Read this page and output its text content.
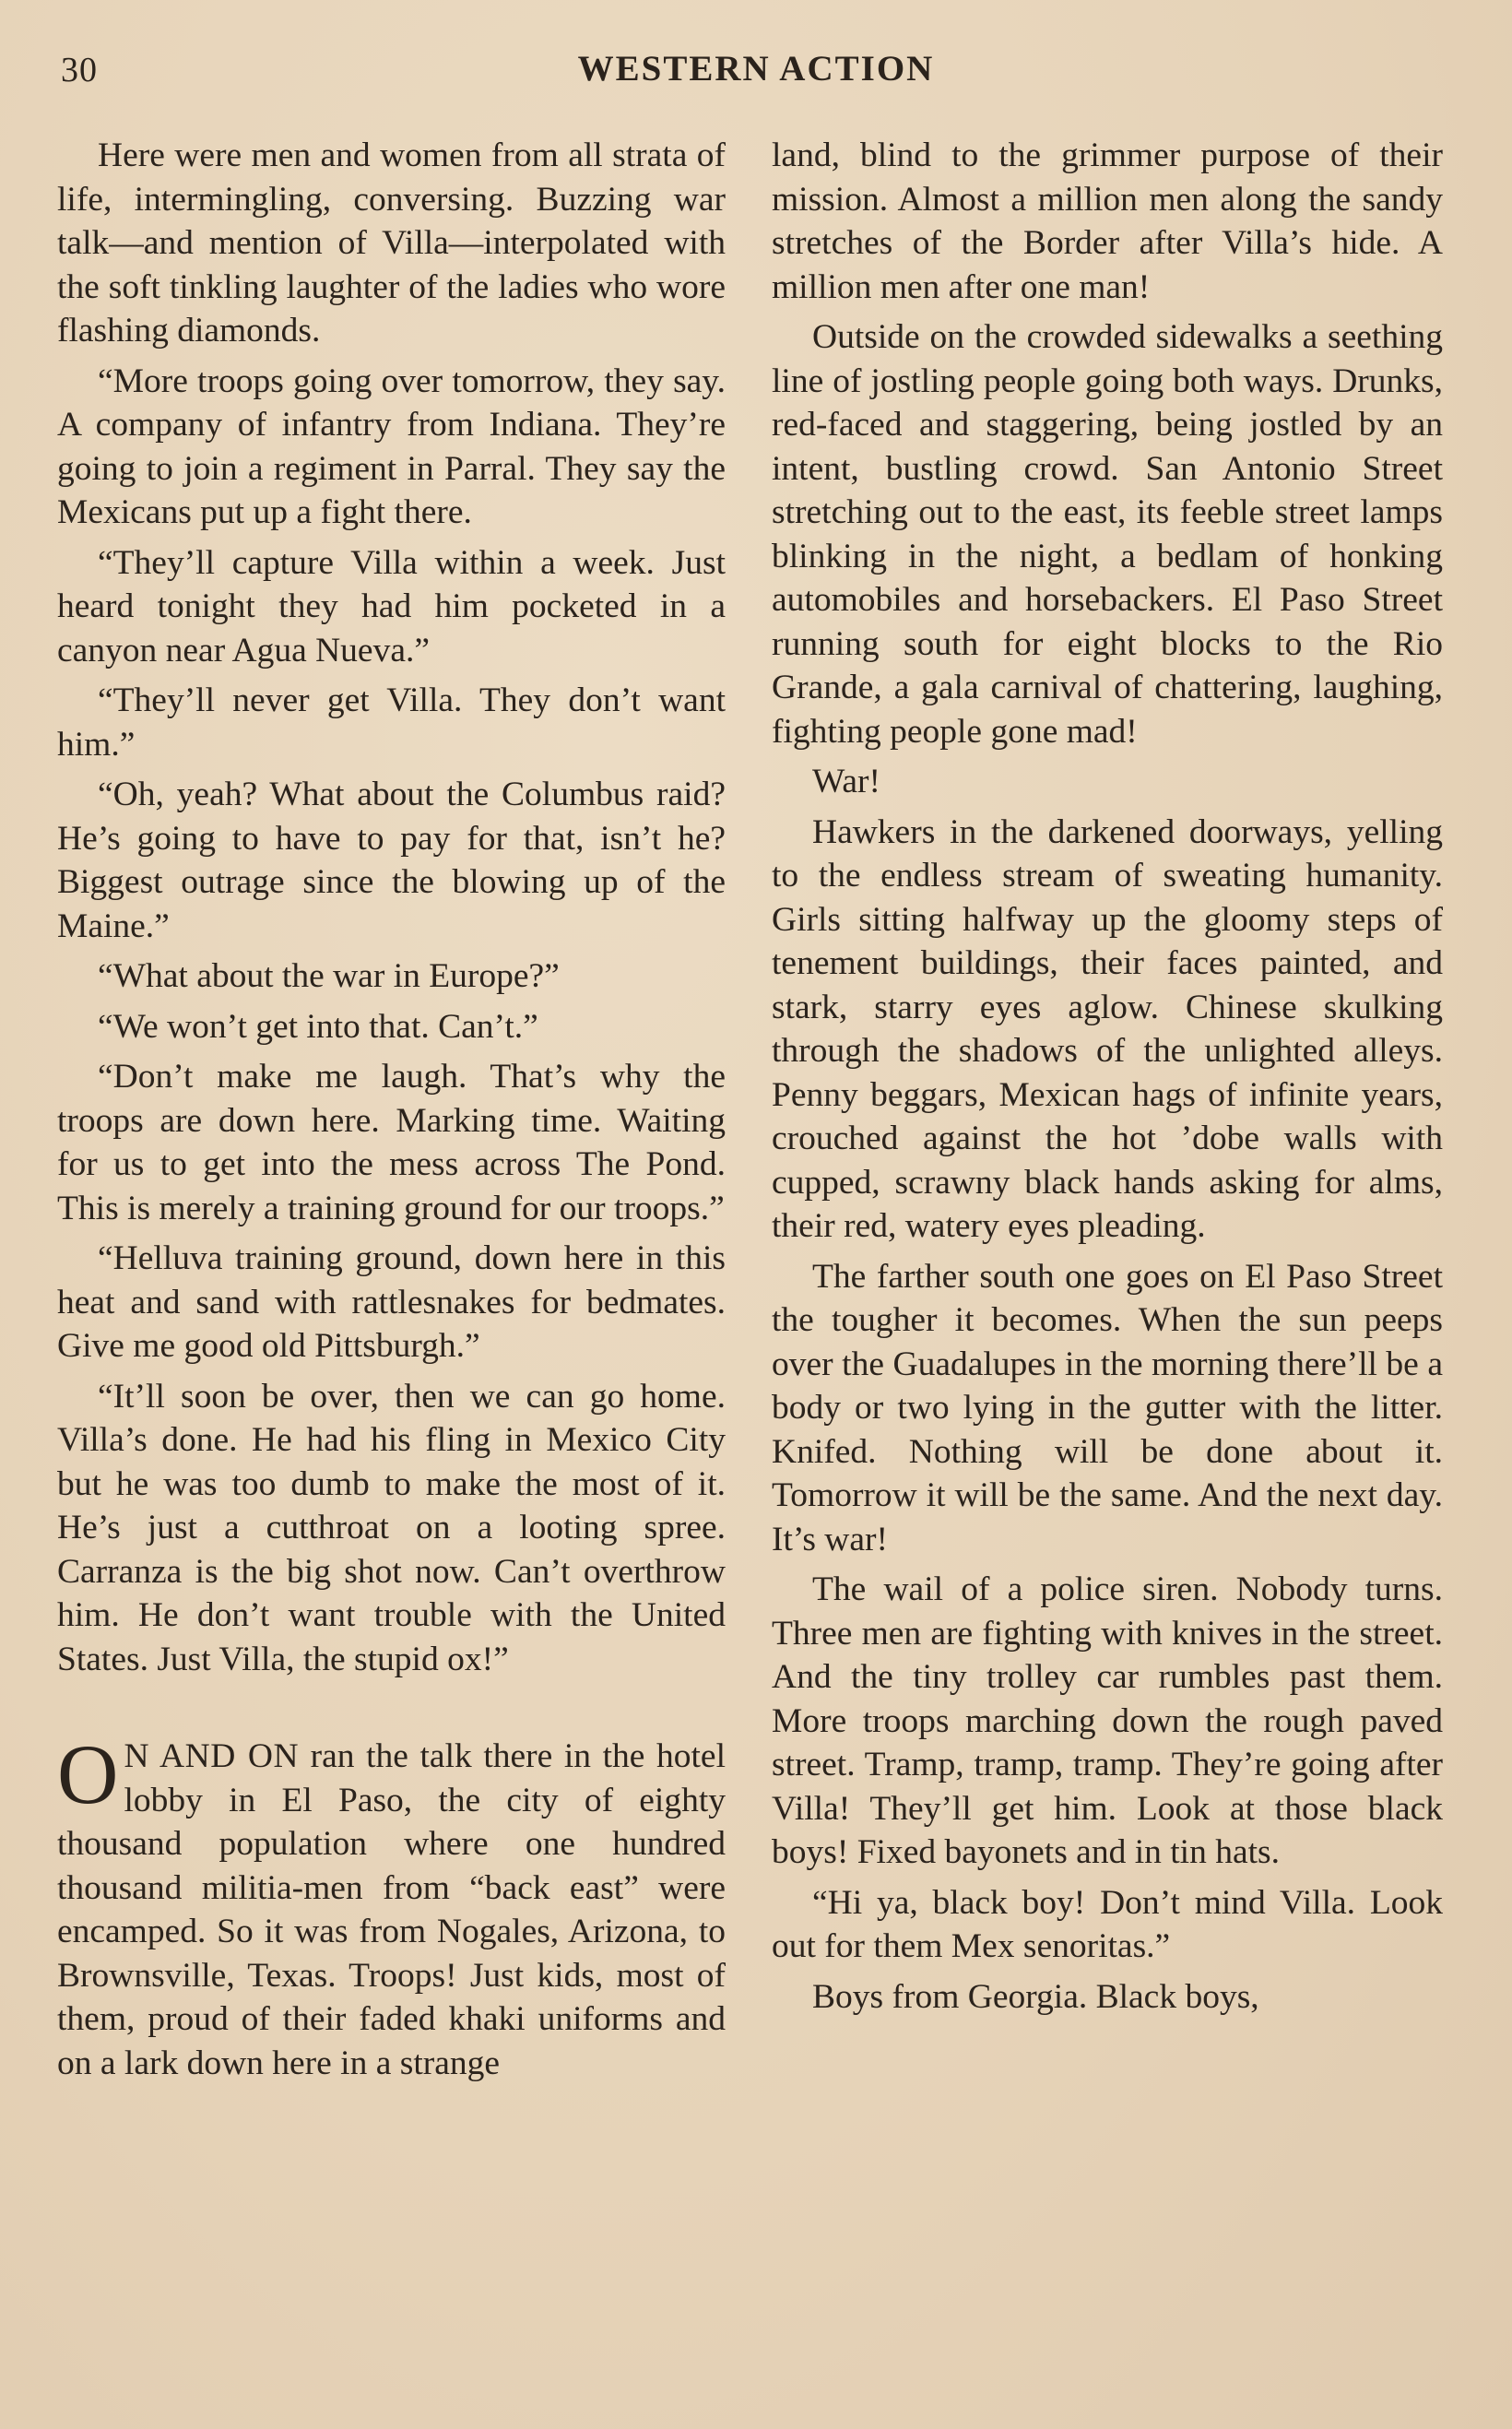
30	WESTERN ACTION

Here were men and women from all strata of life, intermingling, conversing. Buzzing war talk—and mention of Villa—interpolated with the soft tinkling laughter of the ladies who wore flashing diamonds.

“More troops going over tomorrow, they say. A company of infantry from Indiana. They’re going to join a regiment in Parral. They say the Mexicans put up a fight there.

“They’ll capture Villa within a week. Just heard tonight they had him pocketed in a canyon near Agua Nueva.”

“They’ll never get Villa. They don’t want him.”

“Oh, yeah? What about the Columbus raid? He’s going to have to pay for that, isn’t he? Biggest outrage since the blowing up of the Maine.”

“What about the war in Europe?”

“We won’t get into that. Can’t.”

“Don’t make me laugh. That’s why the troops are down here. Marking time. Waiting for us to get into the mess across The Pond. This is merely a training ground for our troops.”

“Helluva training ground, down here in this heat and sand with rattlesnakes for bedmates. Give me good old Pittsburgh.”

“It’ll soon be over, then we can go home. Villa’s done. He had his fling in Mexico City but he was too dumb to make the most of it. He’s just a cutthroat on a looting spree. Carranza is the big shot now. Can’t overthrow him. He don’t want trouble with the United States. Just Villa, the stupid ox!”

O N AND ON ran the talk there in the hotel lobby in El Paso, the city of eighty thousand population where one hundred thousand militia-men from “back east” were encamped. So it was from Nogales, Arizona, to Brownsville, Texas. Troops! Just kids, most of them, proud of their faded khaki uniforms and on a lark down here in a strange

land, blind to the grimmer purpose of their mission. Almost a million men along the sandy stretches of the Border after Villa’s hide. A million men after one man!

Outside on the crowded sidewalks a seething line of jostling people going both ways. Drunks, red-faced and staggering, being jostled by an intent, bustling crowd. San Antonio Street stretching out to the east, its feeble street lamps blinking in the night, a bedlam of honking automobiles and horsebackers. El Paso Street running south for eight blocks to the Rio Grande, a gala carnival of chattering, laughing, fighting people gone mad!

War!

Hawkers in the darkened doorways, yelling to the endless stream of sweating humanity. Girls sitting halfway up the gloomy steps of tenement buildings, their faces painted, and stark, starry eyes aglow. Chinese skulking through the shadows of the unlighted alleys. Penny beggars, Mexican hags of infinite years, crouched against the hot ’dobe walls with cupped, scrawny black hands asking for alms, their red, watery eyes pleading.

The farther south one goes on El Paso Street the tougher it becomes. When the sun peeps over the Guadalupes in the morning there’ll be a body or two lying in the gutter with the litter. Knifed. Nothing will be done about it. Tomorrow it will be the same. And the next day. It’s war!

The wail of a police siren. Nobody turns. Three men are fighting with knives in the street. And the tiny trolley car rumbles past them. More troops marching down the rough paved street. Tramp, tramp, tramp. They’re going after Villa! They’ll get him. Look at those black boys! Fixed bayonets and in tin hats.

“Hi ya, black boy! Don’t mind Villa. Look out for them Mex senoritas.”

Boys from Georgia. Black boys,
